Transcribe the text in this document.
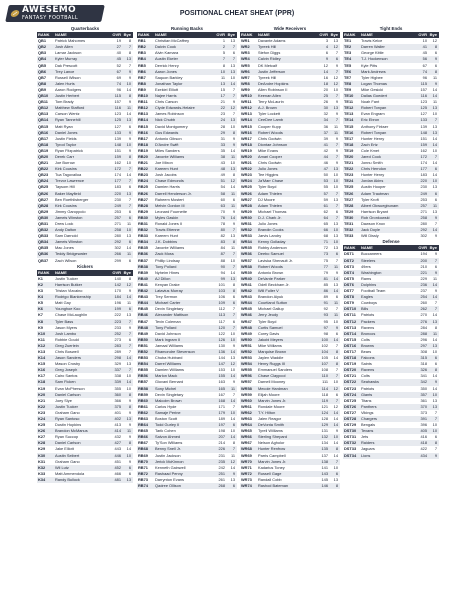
AWESEMO
FANTASY FOOTBALL
POSITIONAL CHEAT SHEAT (PPR)
Quarterbacks
RANK	NAME	OVR Bye
QB1	Patrick Mahomes	19	8
QB2	Josh Allen	27	7
QB3	Lamar Jackson	40	8
QB4	Kyler Murray	45	13
QB5	Dak Prescott	52	7
QB6	Trey Lance	67	9
QB7	Russell Wilson	69	9
QB8	Jalen Hurts	74	10
QB9	Aaron Rodgers	96	14
QB10	Justin Herbert	115	8
QB11	Tom Brady	157	9
QB12	Matthew Stafford	116	11
QB13	Carson Wentz	123	14
QB14	Ryan Tannehill	125	13
QB15	Matt Ryan	127	6
QB16	Daniel Jones	133	9
QB17	Justin Fields	139	9
QB18	Tyrod Taylor	148	10
QB19	Ryan Fitzpatrick	151	9
QB20	Derek Carr	159	8
QB21	Joe Burrow	162	10
QB22	Kirk Cousins	172	7
QB23	Tua Tagovailoa	174	14
QB24	Trevor Lawrence	177	7
QB25	Taysom Hill	183	6
QB26	Baker Mayfield	220	13
QB27	Ben Roethlisberger	230	7
QB28	Kirk Cousins	249	7
QB29	Jimmy Garoppolo	253	6
QB30	Jameis Winston	257	6
QB31	Drew Lock	271	11
QB32	Andy Dalton	258	10
QB33	Sam Darnold	280	13
QB34	Jameis Winston	292	6
QB35	Mac Jones	302	14
QB36	Teddy Bridgewater	266	11
QB37	Zach Wilson	299	6
Kickers
RANK	NAME	OVR Bye
K1	Justin Tucker	140	8
K2	Harrison Butker	142	12
K3	Tristan Vizcaino	170	9
K4	Rodrigo Blankenship	184	14
K5	Matt Gay	196	11
K6	Younghoe Koo	199	6
K7	Chase McLaughlin	222	13
K8	Tyler Bass	223	7
K9	Jason Myers	233	9
K10	Josh Lambo	252	7
K11	Robbie Gould	273	6
K12	Greg Zuerlein	283	7
K13	Chris Boswell	289	7
K14	Jason Sanders	298	14
K15	Mason Crosby	329	13
K16	Greg Joseph	337	7
K17	Cairo Santos	338	10
K18	Sam Ficken	339	14
K19	Evan McPherson	355	10
K20	Daniel Carlson	360	8
K21	Joey Slye	366	9
K22	Justin Tucker	375	8
K23	Graham Gano	401	9
K24	Ryan Santoso	402	13
K25	Dustin Hopkins	413	9
K26	Brandon McManus	414	11
K27	Ryan Succop	432	9
K28	Daniel Carlson	427	8
K29	Jake Elliott	443	14
K30	Austin Seibert	446	10
K31	Graham Gano	451	9
K32	Wil Lutz	452	6
K33	Matt Ammendola	466	6
K34	Randy Bullock	481	13
Running Backs
RANK	NAME	OVR Bye
RB1	Christian McCaffrey	1	13
RB2	Dalvin Cook	2	7
RB3	Alvin Kamara	5	6
RB4	Austin Ekeler	7	7
RB5	Derrick Henry	8	13
RB6	Aaron Jones	10	13
RB7	Saquon Barkley	11	10
RB8	Jonathan Taylor	13	14
RB9	Ezekiel Elliott	15	7
RB10	Najee Harris	17	7
RB11	Chris Carson	21	9
RB12	Clyde Edwards-Helaire	22	12
RB13	James Robinson	23	7
RB14	Nick Chubb	24	13
RB15	David Montgomery	28	10
RB16	Gus Edwards	29	8
RB17	Antonio Gibson	31	9
RB18	D'Andre Swift	33	9
RB19	Miles Sanders	35	14
RB20	Javonte Williams	38	11
RB21	Joe Mixon	43	10
RB22	Kareem Hunt	48	13
RB23	Josh Jacobs	49	8
RB24	Chase Edmonds	51	12
RB25	Damien Harris	54	14
RB26	Darrell Henderson Jr.	58	11
RB27	Raheem Mostert	60	6
RB28	Melvin Gordon III	63	11
RB29	Leonard Fournette	70	9
RB30	Myles Gaskin	76	14
RB31	Ronald Jones II	78	9
RB32	Travis Etienne	80	7
RB33	Kareem Hunt	82	13
RB34	J.K. Dobbins	83	8
RB35	Javonte Williams	84	11
RB36	Zack Moss	87	7
RB37	Phillip Lindsay	88	10
RB38	Tony Pollard	90	7
RB39	Nyheim Hines	94	14
RB40	AJ Dillon	99	13
RB41	Kenyan Drake	101	8
RB42	Latavius Murray	103	8
RB43	Trey Sermon	106	6
RB44	Michael Carter	109	6
RB45	Devin Singletary	112	7
RB46	Alexander Mattison	113	7
RB47	Tevin Coleman	117	6
RB48	Tony Pollard	120	7
RB49	David Johnson	122	10
RB50	Mark Ingram II	126	10
RB51	Jamaal Williams	130	9
RB52	Rhamondre Stevenson	136	14
RB53	Chuba Hubbard	144	13
RB54	Darrel Williams	147	12
RB55	Damien Williams	153	10
RB56	Marlon Mack	155	14
RB57	Giovani Bernard	163	9
RB58	Sony Michel	165	11
RB59	Devin Singletary	167	7
RB60	Malcolm Brown	168	14
RB61	Carlos Hyde	171	7
RB62	Samaje Perine	179	10
RB63	Boston Scott	189	14
RB64	Todd Gurley II	197	6
RB65	Tarik Cohen	198	10
RB66	Salvon Ahmed	207	14
RB67	Ty'Son Williams	214	8
RB68	Benny Snell Jr.	226	7
RB69	Justin Jackson	231	11
RB70	Jerick McKinnon	235	12
RB71	Kenneth Gainwell	242	14
RB72	Rashaad Penny	251	9
RB73	Darrynton Evans	261	13
RB74	Qadree Ollison	268	6
Wide Receivers
RANK	NAME	OVR Bye
WR1	Davante Adams	3	13
WR2	Tyreek Hill	4	12
WR3	Stefon Diggs	6	7
WR4	Calvin Ridley	9	6
WR5	DK Metcalf	12	9
WR6	Justin Jefferson	14	7
WR7	Tyreek Hill	16	12
WR8	DeAndre Hopkins	18	12
WR9	Allen Robinson II	20	10
WR10	Keenan Allen	25	7
WR11	Terry McLaurin	26	9
WR12	A.J. Brown	30	13
WR13	Tyler Lockett	32	9
WR14	CeeDee Lamb	34	7
WR15	Cooper Kupp	36	11
WR16	Robert Woods	37	11
WR17	Chris Godwin	39	9
WR18	Diontae Johnson	41	7
WR19	Mike Evans	42	9
WR20	Amari Cooper	44	7
WR21	Chris Godwin	46	9
WR22	Julio Jones	47	13
WR23	Tee Higgins	50	10
WR24	Ja'Marr Chase	53	10
WR25	Tyler Boyd	55	10
WR26	Adam Thielen	57	7
WR27	DJ Moore	59	13
WR28	Adam Thielen	61	7
WR29	Michael Thomas	62	6
WR30	D.J. Chark Jr.	64	7
WR31	Julio Jones	65	13
WR32	Brandin Cooks	66	10
WR33	Jarvis Landry	68	13
WR34	Kenny Golladay	71	10
WR35	Robby Anderson	72	13
WR36	Deebo Samuel	73	6
WR37	Laviska Shenault Jr.	75	7
WR38	Robert Woods	77	11
WR39	Antonio Brown	79	9
WR40	DeVante Parker	81	14
WR41	Odell Beckham Jr.	85	13
WR42	Will Fuller V	86	14
WR43	Brandon Aiyuk	89	6
WR44	Courtland Sutton	91	11
WR45	Michael Gallup	92	7
WR46	Jerry Jeudy	93	11
WR47	Tyler Boyd	95	10
WR48	Curtis Samuel	97	9
WR49	Corey Davis	98	6
WR50	Jakobi Meyers	100	14
WR51	Mike Williams	102	7
WR52	Marquise Brown	104	8
WR53	Jaylen Waddle	105	14
WR54	Henry Ruggs III	107	8
WR55	Emmanuel Sanders	108	7
WR56	Chase Claypool	110	7
WR57	Darnell Mooney	111	10
WR58	Mecole Hardman	114	12
WR59	Elijah Moore	118	6
WR60	Marvin Jones Jr.	119	7
WR61	Rondale Moore	121	12
WR62	T.Y. Hilton	124	14
WR63	Jalen Reagor	128	14
WR64	DeVonta Smith	129	14
WR65	Tyrell Williams	131	9
WR66	Sterling Shepard	132	10
WR67	Nelson Agholor	134	14
WR68	Hunter Renfrow	135	8
WR69	Parris Campbell	137	14
WR70	Marvin Jones Jr.	138	7
WR71	Kadarius Toney	141	10
WR72	Russell Gage	143	6
WR73	Randall Cobb	145	13
WR74	Rashod Bateman	146	8
Tight Ends
RANK	NAME	OVR Bye
TE1	Travis Kelce	10	12
TE2	Darren Waller	41	8
TE3	George Kittle	45	6
TE4	T.J. Hockenson	56	9
TE5	Kyle Pitts	67	6
TE6	Mark Andrews	74	8
TE7	Tyler Higbee	96	11
TE8	Logan Thomas	115	9
TE9	Mike Gesicki	157	14
TE10	Dallas Goedert	116	14
TE11	Noah Fant	123	11
TE12	Robert Tonyan	125	13
TE13	Evan Engram	127	10
TE14	Eric Ebron	133	7
TE15	Anthony Firkser	139	13
TE16	Robert Tonyan	148	13
TE17	Hunter Henry	151	14
TE18	Zach Ertz	159	14
TE19	Cole Kmet	162	10
TE20	Jared Cook	172	7
TE21	Jonnu Smith	174	14
TE22	Chris Herndon	177	6
TE23	Hunter Henry	183	14
TE24	Jordan Akins	220	10
TE25	Austin Hooper	230	13
TE26	Adam Trautman	249	6
TE27	Tyler Kroft	253	6
TE28	Albert Okwuegbunam	257	11
TE29	Harrison Bryant	271	13
TE30	Rob Gronkowski	258	9
TE31	Dawson Knox	280	7
TE32	Jack Doyle	292	14
TE33	Will Dissly	302	9
Defense
RANK	NAME	OVR Bye
DST1	Buccaneers	194	9
DST2	Steelers	200	7
DST3	49ers	210	6
DST4	Washington	221	9
DST5	Rams	229	11
DST6	Dolphins	236	14
DST7	Football Team	237	9
DST8	Eagles	254	14
DST9	Cowboys	260	7
DST10	Bills	262	7
DST11	Patriots	270	14
DST12	Packers	276	13
DST13	Ravens	284	8
DST14	Broncos	288	11
DST15	Colts	296	14
DST16	Browns	297	13
DST17	Bears	308	10
DST18	Falcons	315	6
DST19	Saints	318	6
DST20	Ravens	326	8
DST21	Colts	341	14
DST22	Seahawks	342	9
DST23	Patriots	350	14
DST24	Giants	357	10
DST25	Titans	361	13
DST26	Panthers	370	13
DST27	Vikings	373	7
DST28	Chargers	391	7
DST29	Bengals	396	10
DST30	Texans	405	10
DST31	Jets	416	6
DST32	Raiders	418	8
DST33	Jaguars	422	7
DST34	Lions	434	9
